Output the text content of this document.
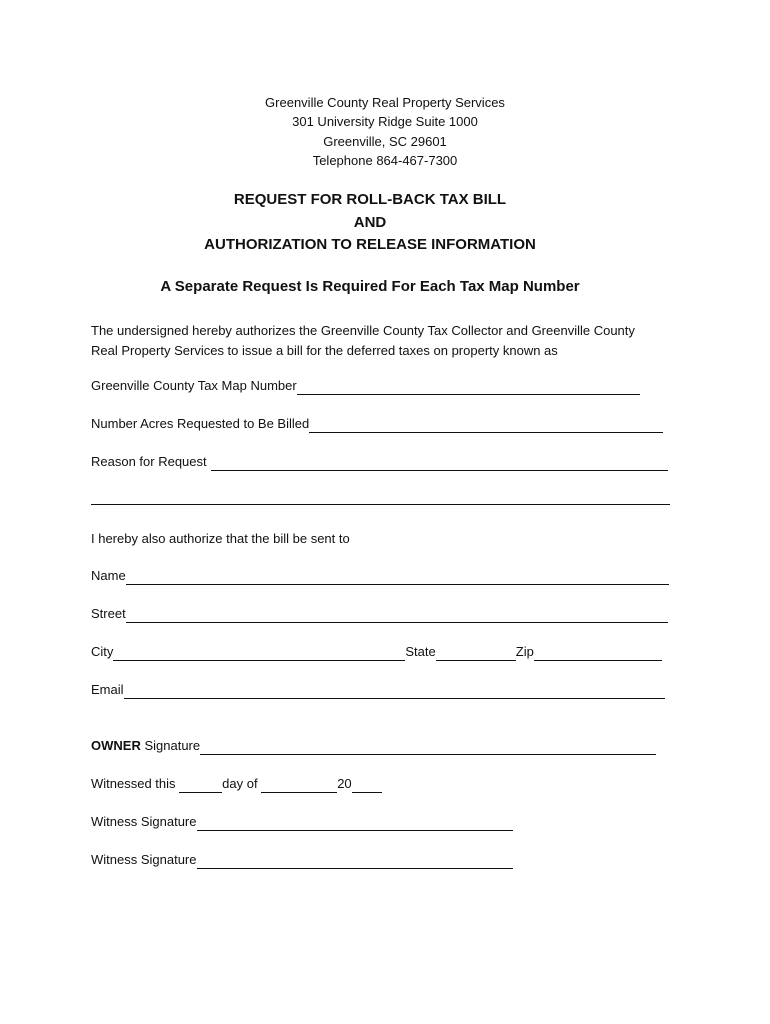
Greenville County Real Property Services
301 University Ridge Suite 1000
Greenville, SC 29601
Telephone 864-467-7300
REQUEST FOR ROLL-BACK TAX BILL
AND
AUTHORIZATION TO RELEASE INFORMATION
A Separate Request Is Required For Each Tax Map Number
The undersigned hereby authorizes the Greenville County Tax Collector and Greenville County
Real Property Services to issue a bill for the deferred taxes on property known as
Greenville County Tax Map Number
Number Acres Requested to Be Billed
Reason for Request
I hereby also authorize that the bill be sent to
Name
Street
City	State	Zip
Email
OWNER Signature
Witnessed this	day of	20
Witness Signature
Witness Signature
